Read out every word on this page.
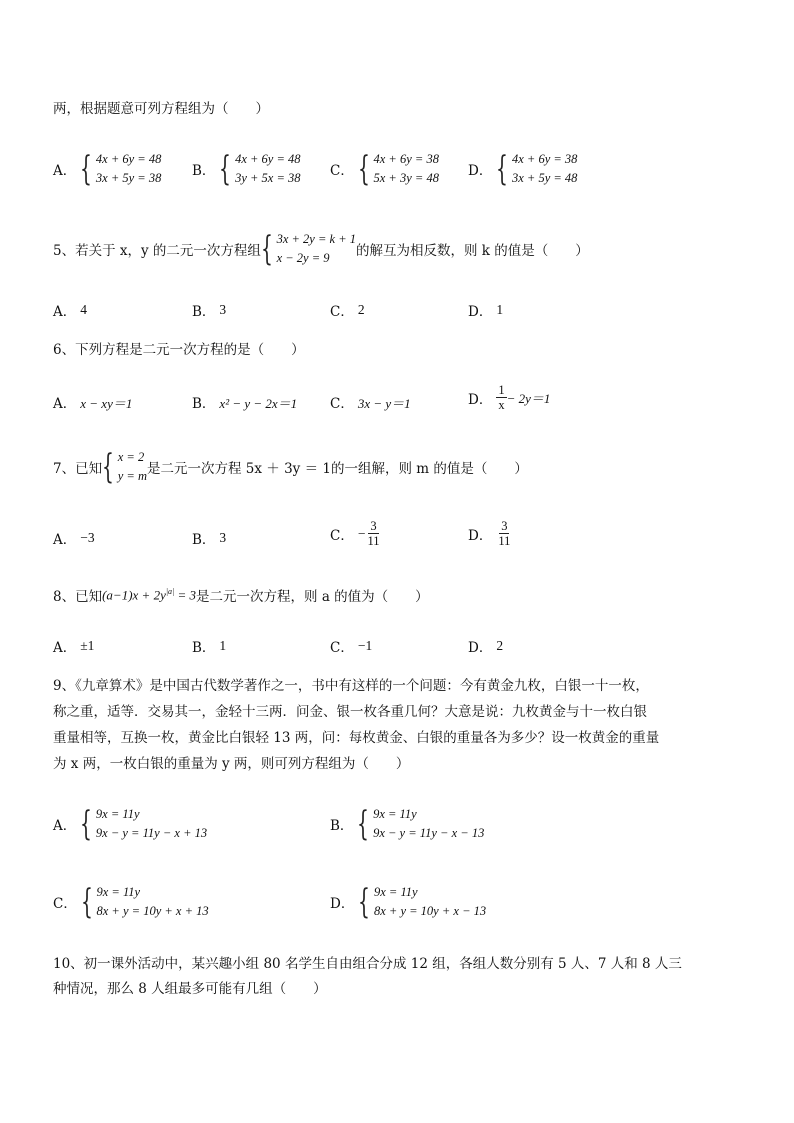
两，根据题意可列方程组为（　　）
A． { 4x + 6y = 48
3x + 5y = 38 B． { 4x + 6y = 48
3y + 5x = 38 C． { 4x + 6y = 38
5x + 3y = 48 D． { 4x + 6y = 38
3x + 5y = 48
5、若关于 x，y 的二元一次方程组 { 3x + 2y = k + 1
x − 2y = 9	的解互为相反数，则 k 的值是（　　）
A． 4	B． 3	C． 2	D． 1
6、下列方程是二元一次方程的是（　　）
A． x − xy＝1	B． x² − y − 2x＝1 C． 3x − y＝1	D． $\frac{1}{x} - 2y=1$
7、已知 { x = 2
y = m 是二元一次方程 5x ＋ 3y ＝ 1的一组解，则 m 的值是（　　）
A． −3	B． 3	C． − $\frac{3}{11}$	D． $\frac{3}{11}$
8、已知 $(a-1)x + 2y^{|a|} = 3$ 是二元一次方程，则 a 的值为（　　）
A． ±1	B． 1	C． −1	D． 2
9、《九章算术》是中国古代数学著作之一，书中有这样的一个问题：今有黄金九枚，白银一十一枚，
称之重，适等．交易其一，金轻十三两．问金、银一枚各重几何？大意是说：九枚黄金与十一枚白银
重量相等，互换一枚，黄金比白银轻 13 两，问：每枚黄金、白银的重量各为多少？设一枚黄金的重量
为 x 两，一枚白银的重量为 y 两，则可列方程组为（　　）
A． { 9x = 11y
9x − y = 11y − x + 13	B． { 9x = 11y
9x − y = 11y − x − 13
C． { 9x = 11y
8x + y = 10y + x + 13	D． { 9x = 11y
8x + y = 10y + x − 13
10、初一课外活动中，某兴趣小组 80 名学生自由组合分成 12 组，各组人数分别有 5 人、7 人和 8 人三
种情况，那么 8 人组最多可能有几组（　　）
